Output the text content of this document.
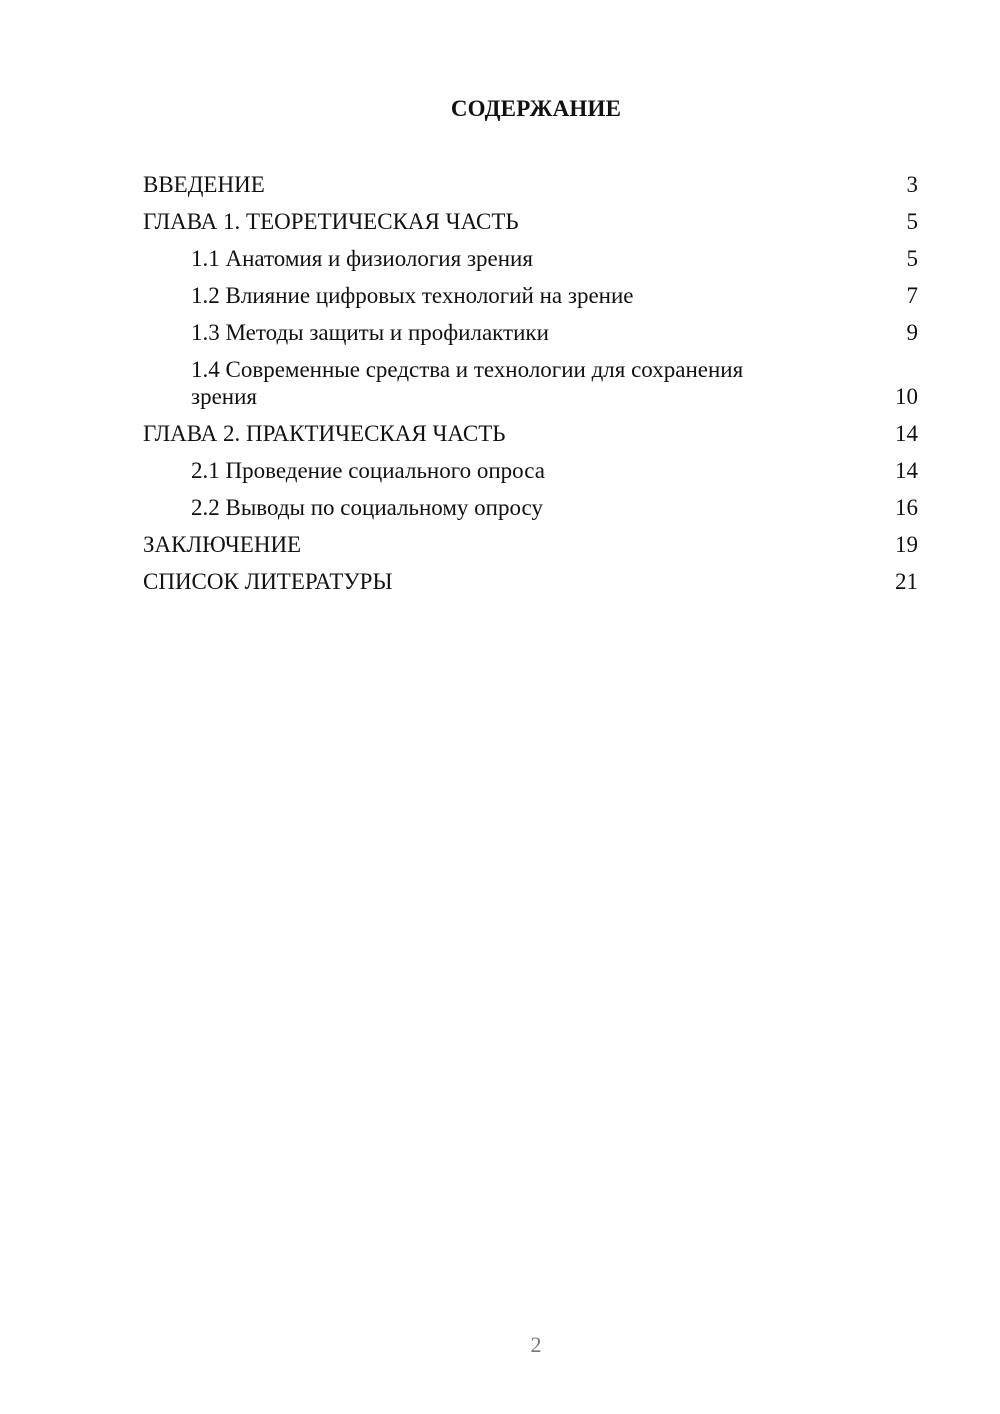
СОДЕРЖАНИЕ
ВВЕДЕНИЕ	3
ГЛАВА 1. ТЕОРЕТИЧЕСКАЯ ЧАСТЬ	5
1.1 Анатомия и физиология зрения	5
1.2 Влияние цифровых технологий на зрение	7
1.3 Методы защиты и профилактики	9
1.4 Современные средства и технологии для сохранения зрения	10
ГЛАВА 2. ПРАКТИЧЕСКАЯ ЧАСТЬ	14
2.1 Проведение социального опроса	14
2.2 Выводы по социальному опросу	16
ЗАКЛЮЧЕНИЕ	19
СПИСОК ЛИТЕРАТУРЫ	21
2
